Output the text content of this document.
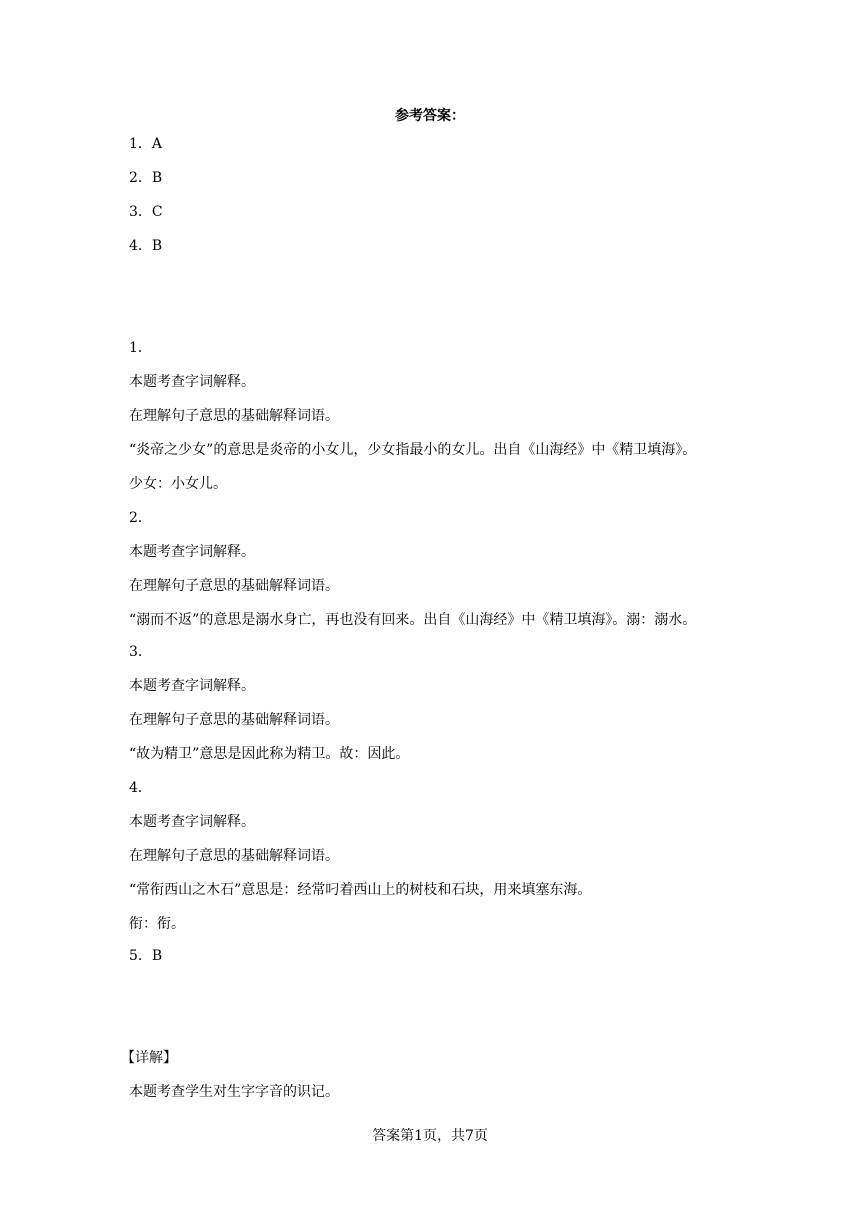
参考答案：
1．A
2．B
3．C
4．B
1．
本题考查字词解释。
在理解句子意思的基础解释词语。
“炎帝之少女”的意思是炎帝的小女儿，少女指最小的女儿。出自《山海经》中《精卫填海》。
少女：小女儿。
2．
本题考查字词解释。
在理解句子意思的基础解释词语。
“溺而不返”的意思是溺水身亡，再也没有回来。出自《山海经》中《精卫填海》。溺：溺水。
3．
本题考查字词解释。
在理解句子意思的基础解释词语。
“故为精卫”意思是因此称为精卫。故：因此。
4．
本题考查字词解释。
在理解句子意思的基础解释词语。
“常衔西山之木石”意思是：经常叼着西山上的树枝和石块，用来填塞东海。
衔：衔。
5．B
【详解】
本题考查学生对生字字音的识记。
答案第1页，共7页
